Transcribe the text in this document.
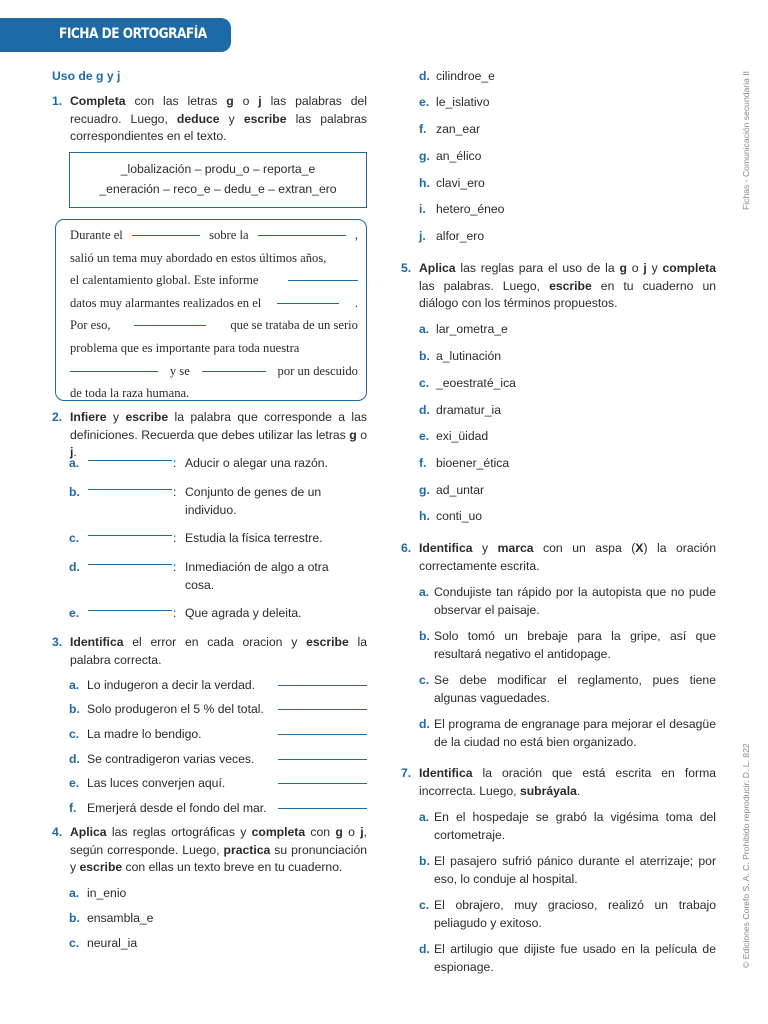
FICHA DE ORTOGRAFÍA
Uso de g y j
1. Completa con las letras g o j las palabras del recuadro. Luego, deduce y escribe las palabras correspondientes en el texto.
_lobalización – produ_o – reporta_e
_eneración – reco_e – dedu_e – extran_ero
Durante el	sobre la	,
salió un tema muy abordado en estos últimos años,
el calentamiento global. Este informe
datos muy alarmantes realizados en el	.
Por eso,	que se trataba de un serio
problema que es importante para toda nuestra
y se	por un descuido
de toda la raza humana.
2. Infiere y escribe la palabra que corresponde a las definiciones. Recuerda que debes utilizar las letras g o j.
a.	: Aducir o alegar una razón.
b.	: Conjunto de genes de un individuo.
c.	: Estudia la física terrestre.
d.	: Inmediación de algo a otra cosa.
e.	: Que agrada y deleita.
3. Identifica el error en cada oracion y escribe la palabra correcta.
a. Lo indugeron a decir la verdad.
b. Solo produgeron el 5 % del total.
c. La madre lo bendigo.
d. Se contradigeron varias veces.
e. Las luces converjen aquí.
f. Emerjerá desde el fondo del mar.
4. Aplica las reglas ortográficas y completa con g o j, según corresponde. Luego, practica su pronunciación y escribe con ellas un texto breve en tu cuaderno.
a. in_enio
b. ensambla_e
c. neural_ia
d. cilindroe_e
e. le_islativo
f. zan_ear
g. an_élico
h. clavi_ero
i. hetero_éneo
j. alfor_ero
5. Aplica las reglas para el uso de la g o j y completa las palabras. Luego, escribe en tu cuaderno un diálogo con los términos propuestos.
a. lar_ometra_e
b. a_lutinación
c. _eoestraté_ica
d. dramatur_ia
e. exi_üidad
f. bioener_ética
g. ad_untar
h. conti_uo
6. Identifica y marca con un aspa (X) la oración correctamente escrita.
a. Condujiste tan rápido por la autopista que no pude observar el paisaje.
b. Solo tomó un brebaje para la gripe, así que resultará negativo el antidopage.
c. Se debe modificar el reglamento, pues tiene algunas vaguedades.
d. El programa de engranage para mejorar el desagüe de la ciudad no está bien organizado.
7. Identifica la oración que está escrita en forma incorrecta. Luego, subráyala.
a. En el hospedaje se grabó la vigésima toma del cortometraje.
b. El pasajero sufrió pánico durante el aterrizaje; por eso, lo conduje al hospital.
c. El obrajero, muy gracioso, realizó un trabajo peliagudo y exitoso.
d. El artilugio que dijiste fue usado en la película de espionage.
Fichas - Comunicación secundaria II
© Ediciones Corefo S. A. C. Prohibido reproducir. D. L. 822
